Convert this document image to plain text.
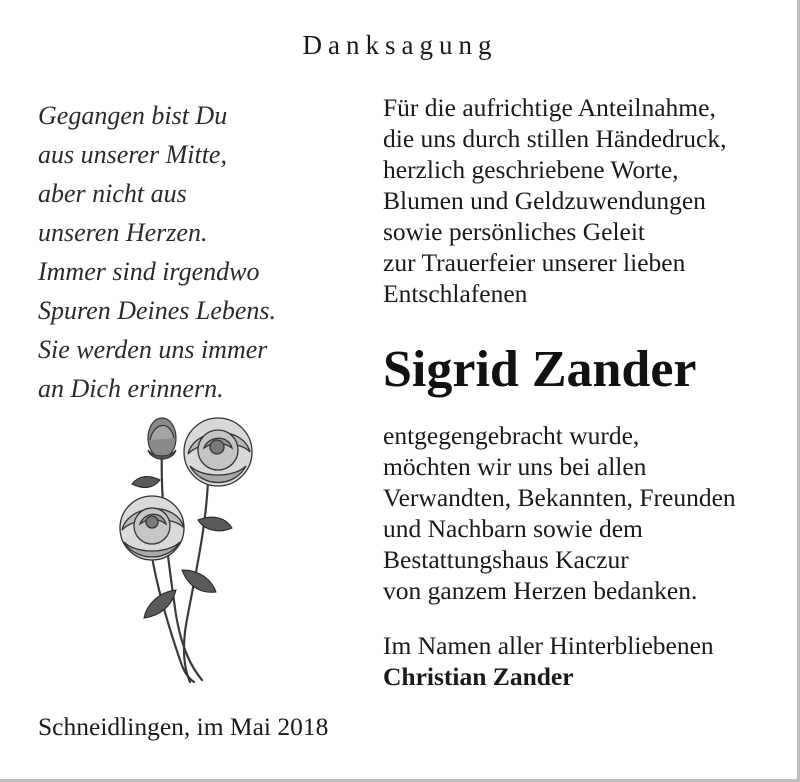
Danksagung
Gegangen bist Du
aus unserer Mitte,
aber nicht aus
unseren Herzen.
Immer sind irgendwo
Spuren Deines Lebens.
Sie werden uns immer
an Dich erinnern.
Für die aufrichtige Anteilnahme,
die uns durch stillen Händedruck,
herzlich geschriebene Worte,
Blumen und Geldzuwendungen
sowie persönliches Geleit
zur Trauerfeier unserer lieben
Entschlafenen
Sigrid Zander
entgegengebracht wurde,
möchten wir uns bei allen
Verwandten, Bekannten, Freunden
und Nachbarn sowie dem
Bestattungshaus Kaczur
von ganzem Herzen bedanken.
Im Namen aller Hinterbliebenen
Christian Zander
Schneidlingen, im Mai 2018
